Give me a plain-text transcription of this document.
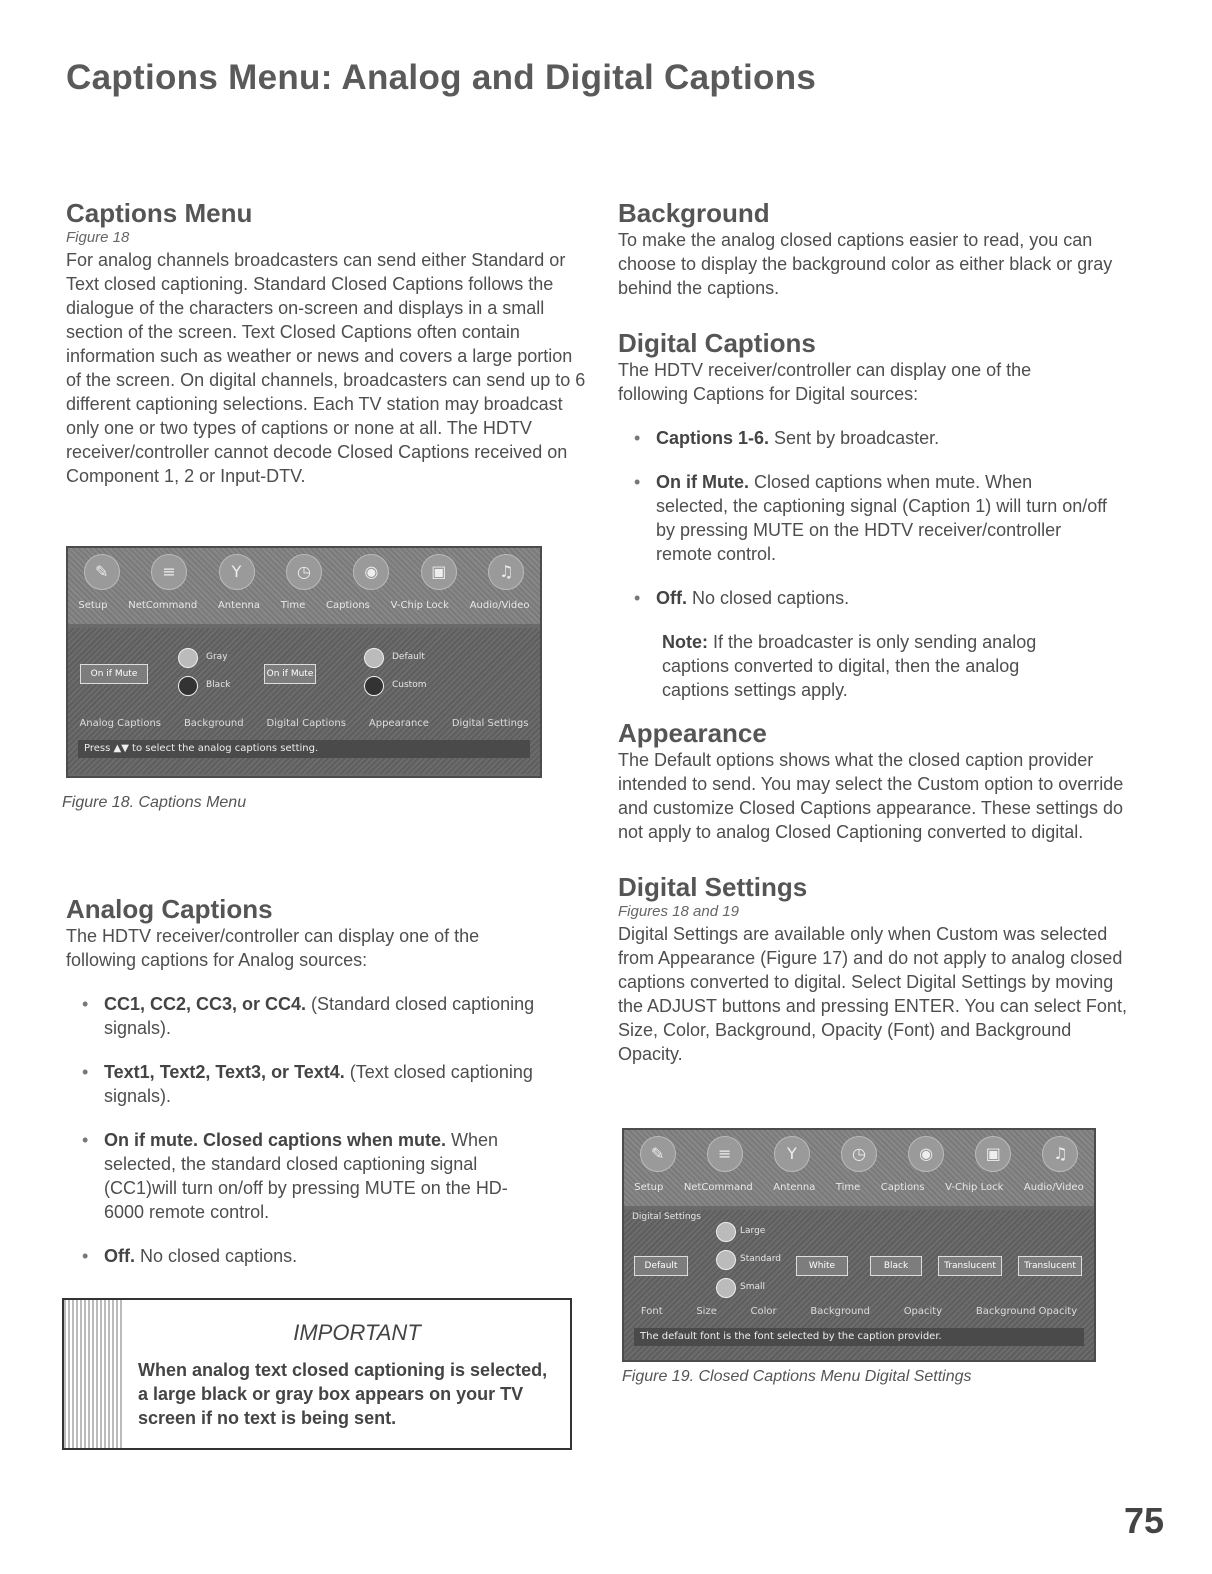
Captions Menu: Analog and Digital Captions
Captions Menu
Figure 18

For analog channels broadcasters can send either Standard or Text closed captioning. Standard Closed Captions follows the dialogue of the characters on-screen and displays in a small section of the screen. Text Closed Captions often contain information such as weather or news and covers a large portion of the screen. On digital channels, broadcasters can send up to 6 different captioning selections. Each TV station may broadcast only one or two types of captions or none at all. The HDTV receiver/controller cannot decode Closed Captions received on Component 1, 2 or Input-DTV.

✎	≡	Y	◷	◉	▣	♫
Setup NetCommand Antenna Time Captions V-Chip Lock Audio/Video
On if Mute
Gray
Black
On if Mute
Default
Custom
Analog Captions Background Digital Captions Appearance Digital Settings
Press ▲▼ to select the analog captions setting.
Figure 18. Captions Menu
Analog Captions

The HDTV receiver/controller can display one of the following captions for Analog sources:

• CC1, CC2, CC3, or CC4. (Standard closed captioning signals).
• Text1, Text2, Text3, or Text4. (Text closed captioning signals).
• On if mute. Closed captions when mute. When selected, the standard closed captioning signal (CC1)will turn on/off by pressing MUTE on the HD-6000 remote control.
• Off. No closed captions.
IMPORTANT
When analog text closed captioning is selected, a large black or gray box appears on your TV screen if no text is being sent.
Background

To make the analog closed captions easier to read, you can choose to display the background color as either black or gray behind the captions.

Digital Captions

The HDTV receiver/controller can display one of the following Captions for Digital sources:

• Captions 1-6. Sent by broadcaster.
• On if Mute. Closed captions when mute. When selected, the captioning signal (Caption 1) will turn on/off by pressing MUTE on the HDTV receiver/controller remote control.
• Off. No closed captions.
Note: If the broadcaster is only sending analog captions converted to digital, then the analog captions settings apply.
Appearance

The Default options shows what the closed caption provider intended to send. You may select the Custom option to override and customize Closed Captions appearance. These settings do not apply to analog Closed Captioning converted to digital.

Digital Settings
Figures 18 and 19

Digital Settings are available only when Custom was selected from Appearance (Figure 17) and do not apply to analog closed captions converted to digital. Select Digital Settings by moving the ADJUST buttons and pressing ENTER. You can select Font, Size, Color, Background, Opacity (Font) and Background Opacity.

✎	≡	Y	◷	◉	▣	♫
Setup NetCommand Antenna Time Captions V-Chip Lock Audio/Video
Digital Settings
Large
Default
Standard
Small
White	Black	Translucent	Translucent
Font	Size	Color	Background	Opacity	Background Opacity
The default font is the font selected by the caption provider.
Figure 19. Closed Captions Menu Digital Settings
75
